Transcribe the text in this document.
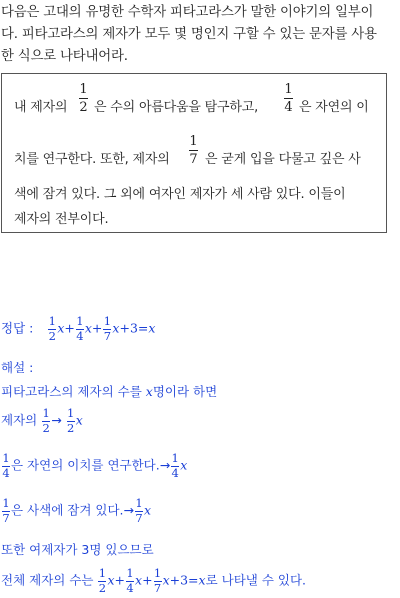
다음은 고대의 유명한 수학자 피타고라스가 말한 이야기의 일부이
다. 피타고라스의 제자가 모두 몇 명인지 구할 수 있는 문자를 사용
한 식으로 나타내어라.
내 제자의
1
2 은 수의 아름다움을 탐구하고,
1
4 은 자연의 이
치를 연구한다. 또한, 제자의
1
7 은 굳게 입을 다물고 깊은 사
색에 잠겨 있다. 그 외에 여자인 제자가 세 사람 있다. 이들이
제자의 전부이다.
정답 : $\frac{1}{2} x+ \frac{1}{4} x+ \frac{1}{7} x+3=x$
해설 :
피타고라스의 제자의 수를 x명이라 하면
제자의 $\frac{1}{2} \to \frac{1}{2}$ x
$\frac{1}{4}$ 은 자연의 이치를 연구한다.→ $\frac{1}{4}$ x
$\frac{1}{7}$ 은 사색에 잠겨 있다.→ $\frac{1}{7}$ x
또한 여제자가 3명 있으므로
전체 제자의 수는 $\frac{1}{2} x+ \frac{1}{4} x+ \frac{1}{7} x+3=x$로 나타낼 수 있다.
